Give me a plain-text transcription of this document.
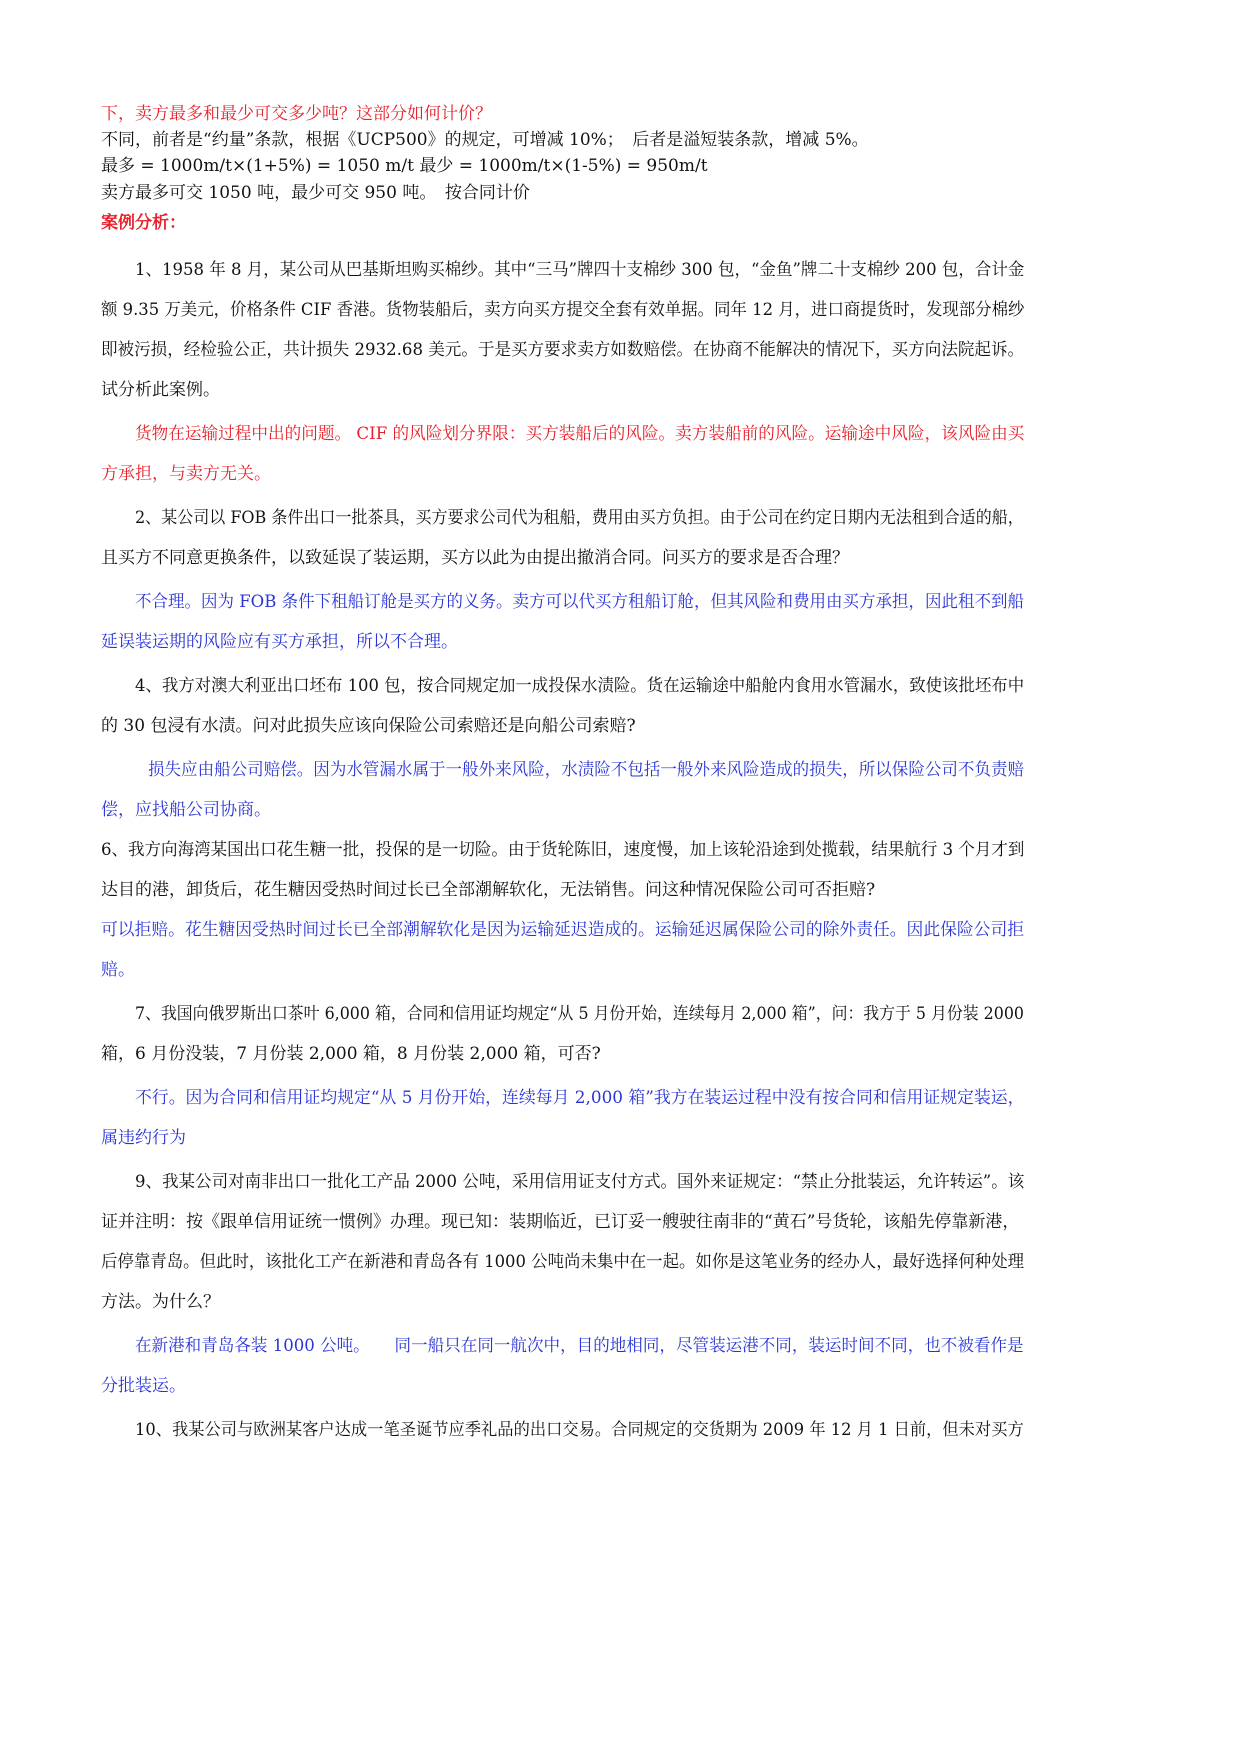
下，卖方最多和最少可交多少吨？这部分如何计价？
不同，前者是“约量”条款，根据《UCP500》的规定，可增减 10%；　后者是溢短装条款，增减 5%。
最多 = 1000m/t×(1+5%) = 1050 m/t 最少 = 1000m/t×(1-5%) = 950m/t
卖方最多可交 1050 吨，最少可交 950 吨。　按合同计价
案例分析：
1、1958 年 8 月，某公司从巴基斯坦购买棉纱。其中“三马”牌四十支棉纱 300 包，“金鱼”牌二十支棉纱 200 包，合计金
额 9.35 万美元，价格条件 CIF 香港。货物装船后，卖方向买方提交全套有效单据。同年 12 月，进口商提货时，发现部分棉纱
即被污损，经检验公正，共计损失 2932.68 美元。于是买方要求卖方如数赔偿。在协商不能解决的情况下，买方向法院起诉。
试分析此案例。
货物在运输过程中出的问题。 CIF 的风险划分界限：买方装船后的风险。卖方装船前的风险。运输途中风险，该风险由买
方承担，与卖方无关。
2、某公司以 FOB 条件出口一批茶具，买方要求公司代为租船，费用由买方负担。由于公司在约定日期内无法租到合适的船，
且买方不同意更换条件，以致延误了装运期，买方以此为由提出撤消合同。问买方的要求是否合理？
不合理。因为 FOB 条件下租船订舱是买方的义务。卖方可以代买方租船订舱，但其风险和费用由买方承担，因此租不到船
延误装运期的风险应有买方承担，所以不合理。
4、我方对澳大利亚出口坯布 100 包，按合同规定加一成投保水渍险。货在运输途中船舱内食用水管漏水，致使该批坯布中
的 30 包浸有水渍。问对此损失应该向保险公司索赔还是向船公司索赔?
损失应由船公司赔偿。因为水管漏水属于一般外来风险，水渍险不包括一般外来风险造成的损失，所以保险公司不负责赔
偿，应找船公司协商。
6、我方向海湾某国出口花生糖一批，投保的是一切险。由于货轮陈旧，速度慢，加上该轮沿途到处揽载，结果航行 3 个月才到
达目的港，卸货后，花生糖因受热时间过长已全部潮解软化，无法销售。问这种情况保险公司可否拒赔?
可以拒赔。花生糖因受热时间过长已全部潮解软化是因为运输延迟造成的。运输延迟属保险公司的除外责任。因此保险公司拒
赔。
7、我国向俄罗斯出口茶叶 6,000 箱，合同和信用证均规定“从 5 月份开始，连续每月 2,000 箱”，问：我方于 5 月份装 2000
箱，6 月份没装，7 月份装 2,000 箱，8 月份装 2,000 箱，可否?
不行。因为合同和信用证均规定“从 5 月份开始，连续每月 2,000 箱”我方在装运过程中没有按合同和信用证规定装运，
属违约行为
9、我某公司对南非出口一批化工产品 2000 公吨，采用信用证支付方式。国外来证规定：“禁止分批装运，允许转运”。该
证并注明：按《跟单信用证统一惯例》办理。现已知：装期临近，已订妥一艘驶往南非的“黄石”号货轮，该船先停靠新港，
后停靠青岛。但此时，该批化工产在新港和青岛各有 1000 公吨尚未集中在一起。如你是这笔业务的经办人，最好选择何种处理
方法。为什么？
在新港和青岛各装 1000 公吨。　　同一船只在同一航次中，目的地相同，尽管装运港不同，装运时间不同，也不被看作是
分批装运。
10、我某公司与欧洲某客户达成一笔圣诞节应季礼品的出口交易。合同规定的交货期为 2009 年 12 月 1 日前，但未对买方
